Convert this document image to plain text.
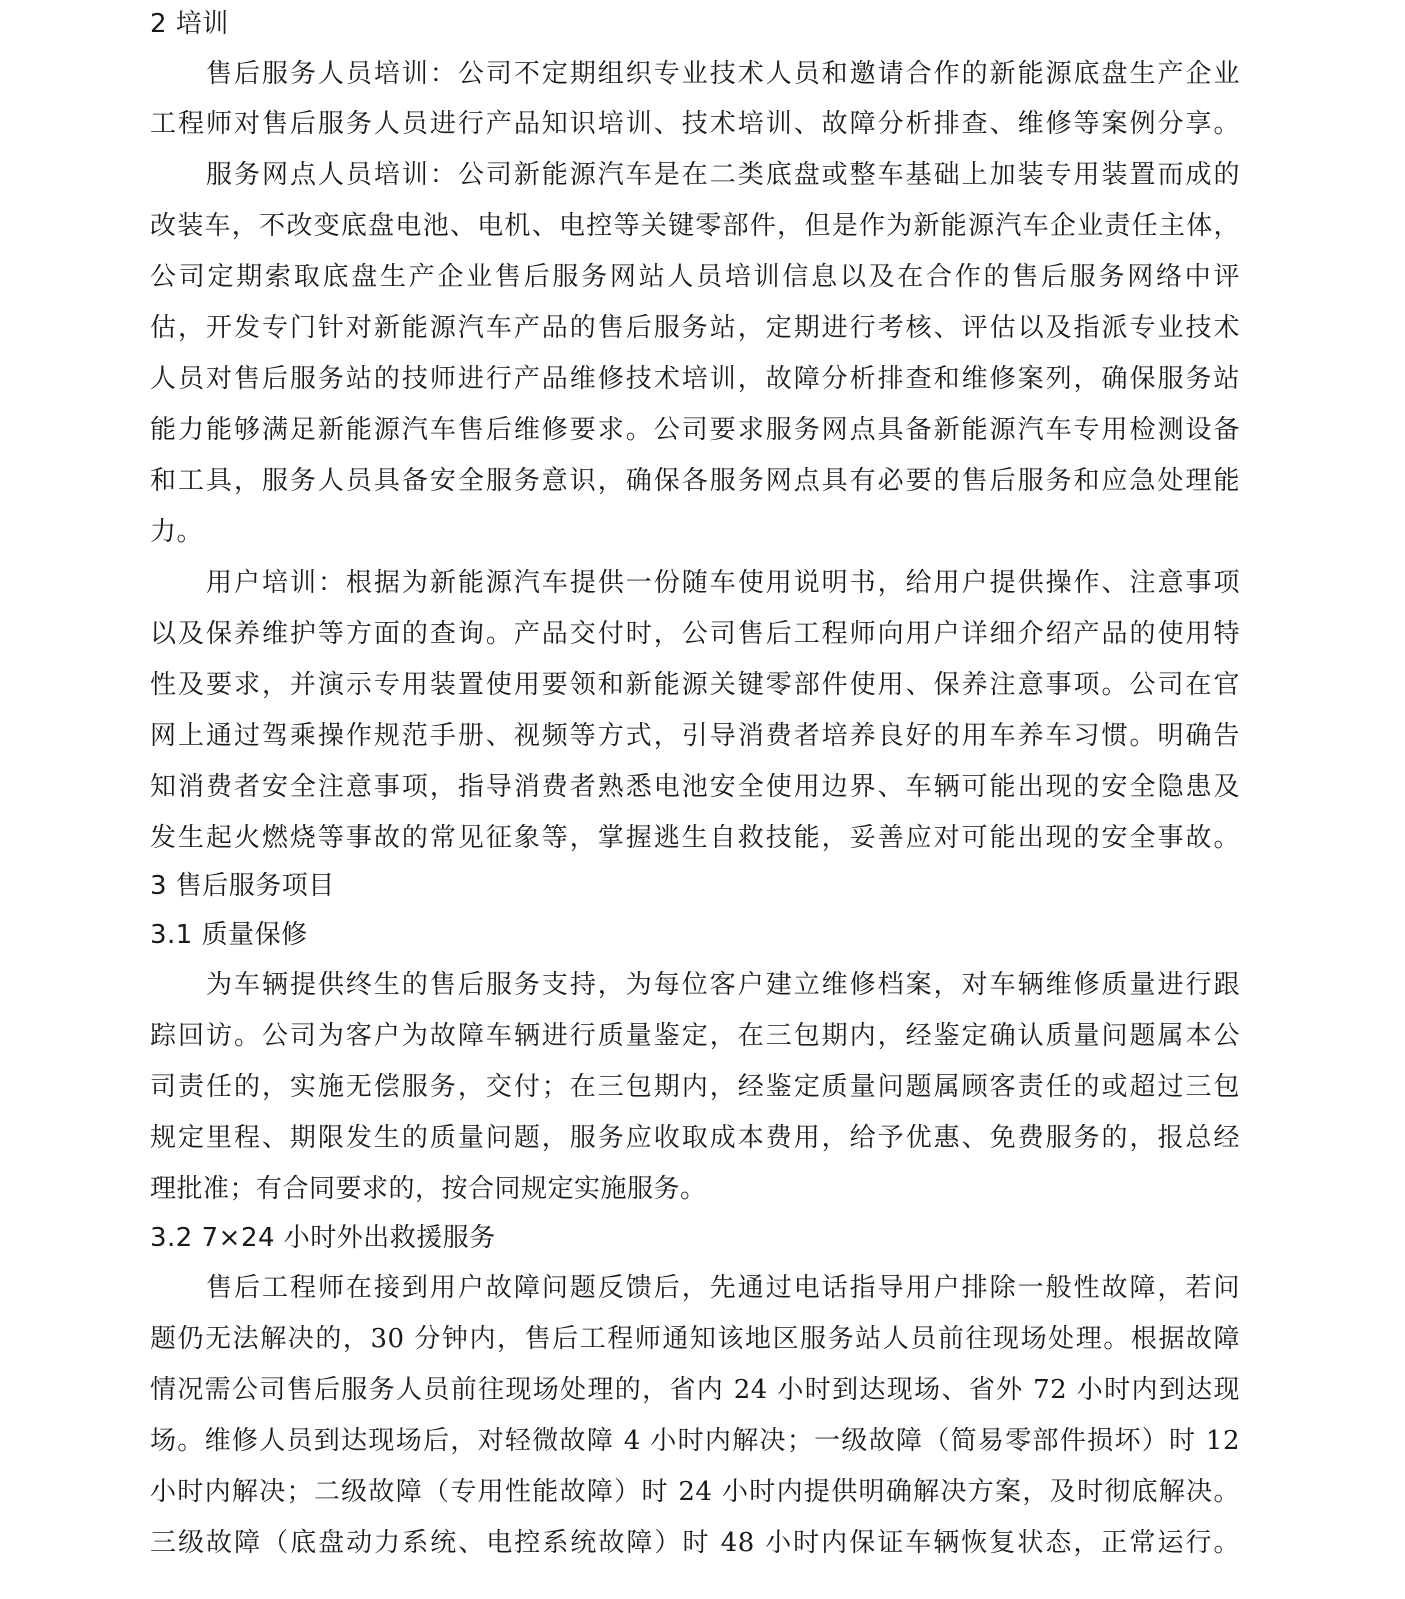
2 培训
售后服务人员培训：公司不定期组织专业技术人员和邀请合作的新能源底盘生产企业
工程师对售后服务人员进行产品知识培训、技术培训、故障分析排查、维修等案例分享。
服务网点人员培训：公司新能源汽车是在二类底盘或整车基础上加装专用装置而成的
改装车，不改变底盘电池、电机、电控等关键零部件，但是作为新能源汽车企业责任主体，
公司定期索取底盘生产企业售后服务网站人员培训信息以及在合作的售后服务网络中评
估，开发专门针对新能源汽车产品的售后服务站，定期进行考核、评估以及指派专业技术
人员对售后服务站的技师进行产品维修技术培训，故障分析排查和维修案列，确保服务站
能力能够满足新能源汽车售后维修要求。公司要求服务网点具备新能源汽车专用检测设备
和工具，服务人员具备安全服务意识，确保各服务网点具有必要的售后服务和应急处理能
力。
用户培训：根据为新能源汽车提供一份随车使用说明书，给用户提供操作、注意事项
以及保养维护等方面的查询。产品交付时，公司售后工程师向用户详细介绍产品的使用特
性及要求，并演示专用装置使用要领和新能源关键零部件使用、保养注意事项。公司在官
网上通过驾乘操作规范手册、视频等方式，引导消费者培养良好的用车养车习惯。明确告
知消费者安全注意事项，指导消费者熟悉电池安全使用边界、车辆可能出现的安全隐患及
发生起火燃烧等事故的常见征象等，掌握逃生自救技能，妥善应对可能出现的安全事故。
3 售后服务项目
3.1 质量保修
为车辆提供终生的售后服务支持，为每位客户建立维修档案，对车辆维修质量进行跟
踪回访。公司为客户为故障车辆进行质量鉴定，在三包期内，经鉴定确认质量问题属本公
司责任的，实施无偿服务，交付；在三包期内，经鉴定质量问题属顾客责任的或超过三包
规定里程、期限发生的质量问题，服务应收取成本费用，给予优惠、免费服务的，报总经
理批准；有合同要求的，按合同规定实施服务。
3.2 7×24 小时外出救援服务
售后工程师在接到用户故障问题反馈后，先通过电话指导用户排除一般性故障，若问
题仍无法解决的，30 分钟内，售后工程师通知该地区服务站人员前往现场处理。根据故障
情况需公司售后服务人员前往现场处理的，省内 24 小时到达现场、省外 72 小时内到达现
场。维修人员到达现场后，对轻微故障 4 小时内解决；一级故障（简易零部件损坏）时 12
小时内解决；二级故障（专用性能故障）时 24 小时内提供明确解决方案，及时彻底解决。
三级故障（底盘动力系统、电控系统故障）时 48 小时内保证车辆恢复状态，正常运行。
